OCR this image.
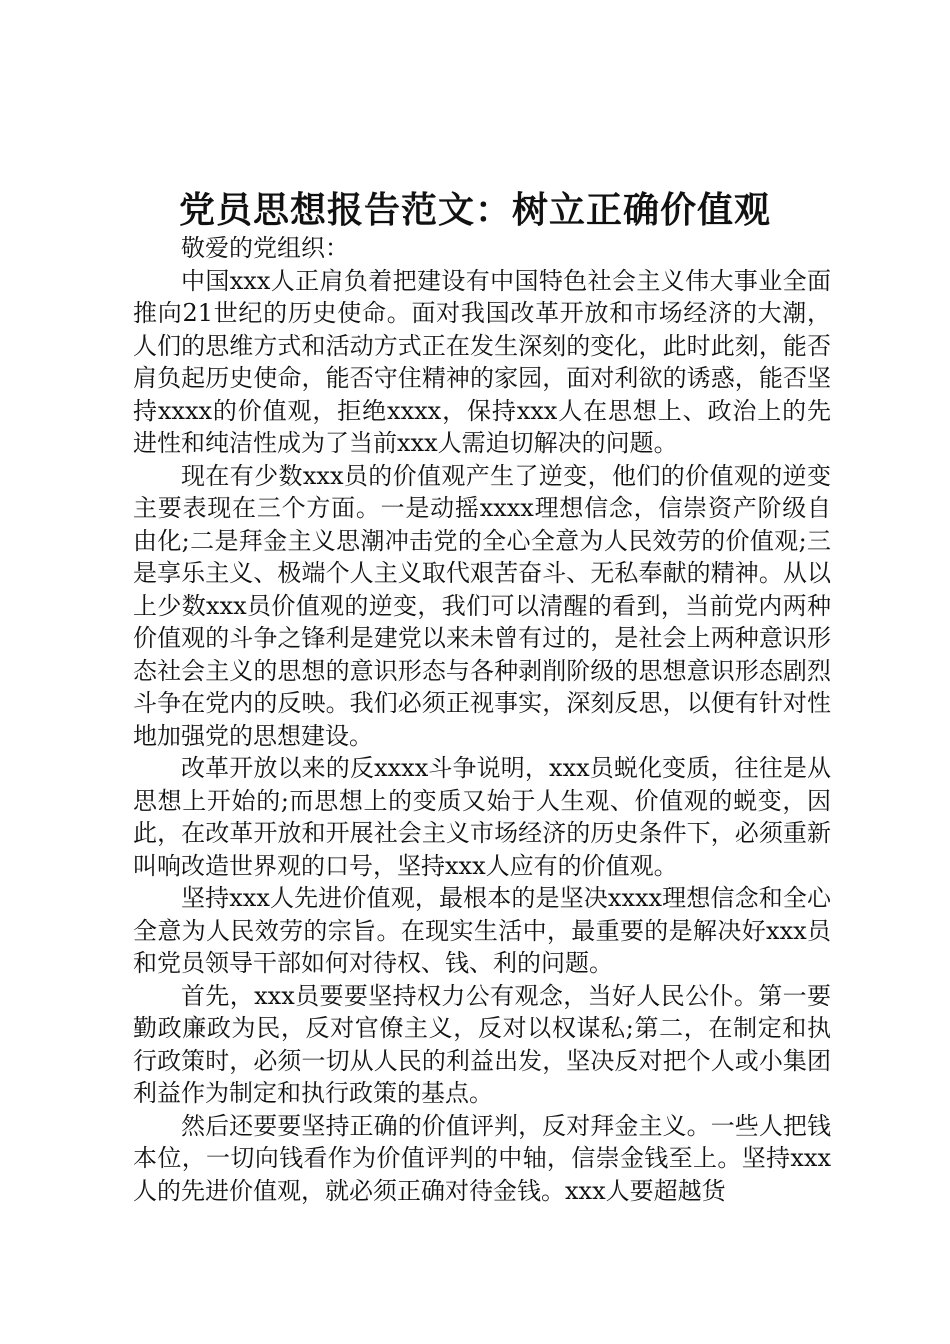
党员思想报告范文：树立正确价值观

敬爱的党组织：

中国xxx人正肩负着把建设有中国特色社会主义伟大事业全面推向21世纪的历史使命。面对我国改革开放和市场经济的大潮，人们的思维方式和活动方式正在发生深刻的变化，此时此刻，能否肩负起历史使命，能否守住精神的家园，面对利欲的诱惑，能否坚持xxxx的价值观，拒绝xxxx，保持xxx人在思想上、政治上的先进性和纯洁性成为了当前xxx人需迫切解决的问题。

现在有少数xxx员的价值观产生了逆变，他们的价值观的逆变主要表现在三个方面。一是动摇xxxx理想信念，信崇资产阶级自由化;二是拜金主义思潮冲击党的全心全意为人民效劳的价值观;三是享乐主义、极端个人主义取代艰苦奋斗、无私奉献的精神。从以上少数xxx员价值观的逆变，我们可以清醒的看到，当前党内两种价值观的斗争之锋利是建党以来未曾有过的，是社会上两种意识形态社会主义的思想的意识形态与各种剥削阶级的思想意识形态剧烈斗争在党内的反映。我们必须正视事实，深刻反思，以便有针对性地加强党的思想建设。

改革开放以来的反xxxx斗争说明，xxx员蜕化变质，往往是从思想上开始的;而思想上的变质又始于人生观、价值观的蜕变，因此，在改革开放和开展社会主义市场经济的历史条件下，必须重新叫响改造世界观的口号，坚持xxx人应有的价值观。

坚持xxx人先进价值观，最根本的是坚决xxxx理想信念和全心全意为人民效劳的宗旨。在现实生活中，最重要的是解决好xxx员和党员领导干部如何对待权、钱、利的问题。

首先，xxx员要要坚持权力公有观念，当好人民公仆。第一要勤政廉政为民，反对官僚主义，反对以权谋私;第二，在制定和执行政策时，必须一切从人民的利益出发，坚决反对把个人或小集团利益作为制定和执行政策的基点。

然后还要要坚持正确的价值评判，反对拜金主义。一些人把钱本位，一切向钱看作为价值评判的中轴，信崇金钱至上。坚持xxx人的先进价值观，就必须正确对待金钱。xxx人要超越货
